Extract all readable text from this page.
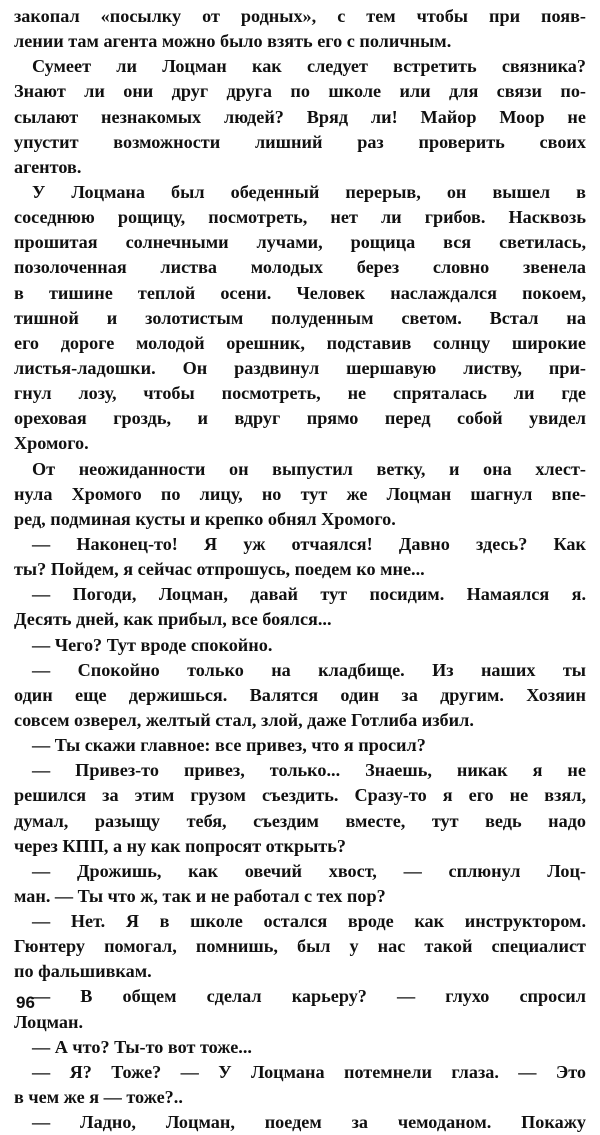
закопал «посылку от родных», с тем чтобы при появ-
лении там агента можно было взять его с поличным.
Сумеет ли Лоцман как следует встретить связника?
Знают ли они друг друга по школе или для связи по-
сылают незнакомых людей? Вряд ли! Майор Моор не
упустит возможности лишний раз проверить своих
агентов.
У Лоцмана был обеденный перерыв, он вышел в
соседнюю рощицу, посмотреть, нет ли грибов. Насквозь
прошитая солнечными лучами, рощица вся светилась,
позолоченная листва молодых берез словно звенела
в тишине теплой осени. Человек наслаждался покоем,
тишной и золотистым полуденным светом. Встал на
его дороге молодой орешник, подставив солнцу широкие
листья-ладошки. Он раздвинул шершавую листву, при-
гнул лозу, чтобы посмотреть, не спряталась ли где
ореховая гроздь, и вдруг прямо перед собой увидел
Хромого.
От неожиданности он выпустил ветку, и она хлест-
нула Хромого по лицу, но тут же Лоцман шагнул впе-
ред, подминая кусты и крепко обнял Хромого.
— Наконец-то! Я уж отчаялся! Давно здесь? Как
ты? Пойдем, я сейчас отпрошусь, поедем ко мне...
— Погоди, Лоцман, давай тут посидим. Намаялся я.
Десять дней, как прибыл, все боялся...
— Чего? Тут вроде спокойно.
— Спокойно только на кладбище. Из наших ты
один еще держишься. Валятся один за другим. Хозяин
совсем озверел, желтый стал, злой, даже Готлиба избил.
— Ты скажи главное: все привез, что я просил?
— Привез-то привез, только... Знаешь, никак я не
решился за этим грузом съездить. Сразу-то я его не взял,
думал, разыщу тебя, съездим вместе, тут ведь надо
через КПП, а ну как попросят открыть?
— Дрожишь, как овечий хвост, — сплюнул Лоц-
ман. — Ты что ж, так и не работал с тех пор?
— Нет. Я в школе остался вроде как инструктором.
Гюнтеру помогал, помнишь, был у нас такой специалист
по фальшивкам.
— В общем сделал карьеру? — глухо спросил
Лоцман.
— А что? Ты-то вот тоже...
— Я? Тоже? — У Лоцмана потемнели глаза. — Это
в чем же я — тоже?..
— Ладно, Лоцман, поедем за чемоданом. Покажу
96
